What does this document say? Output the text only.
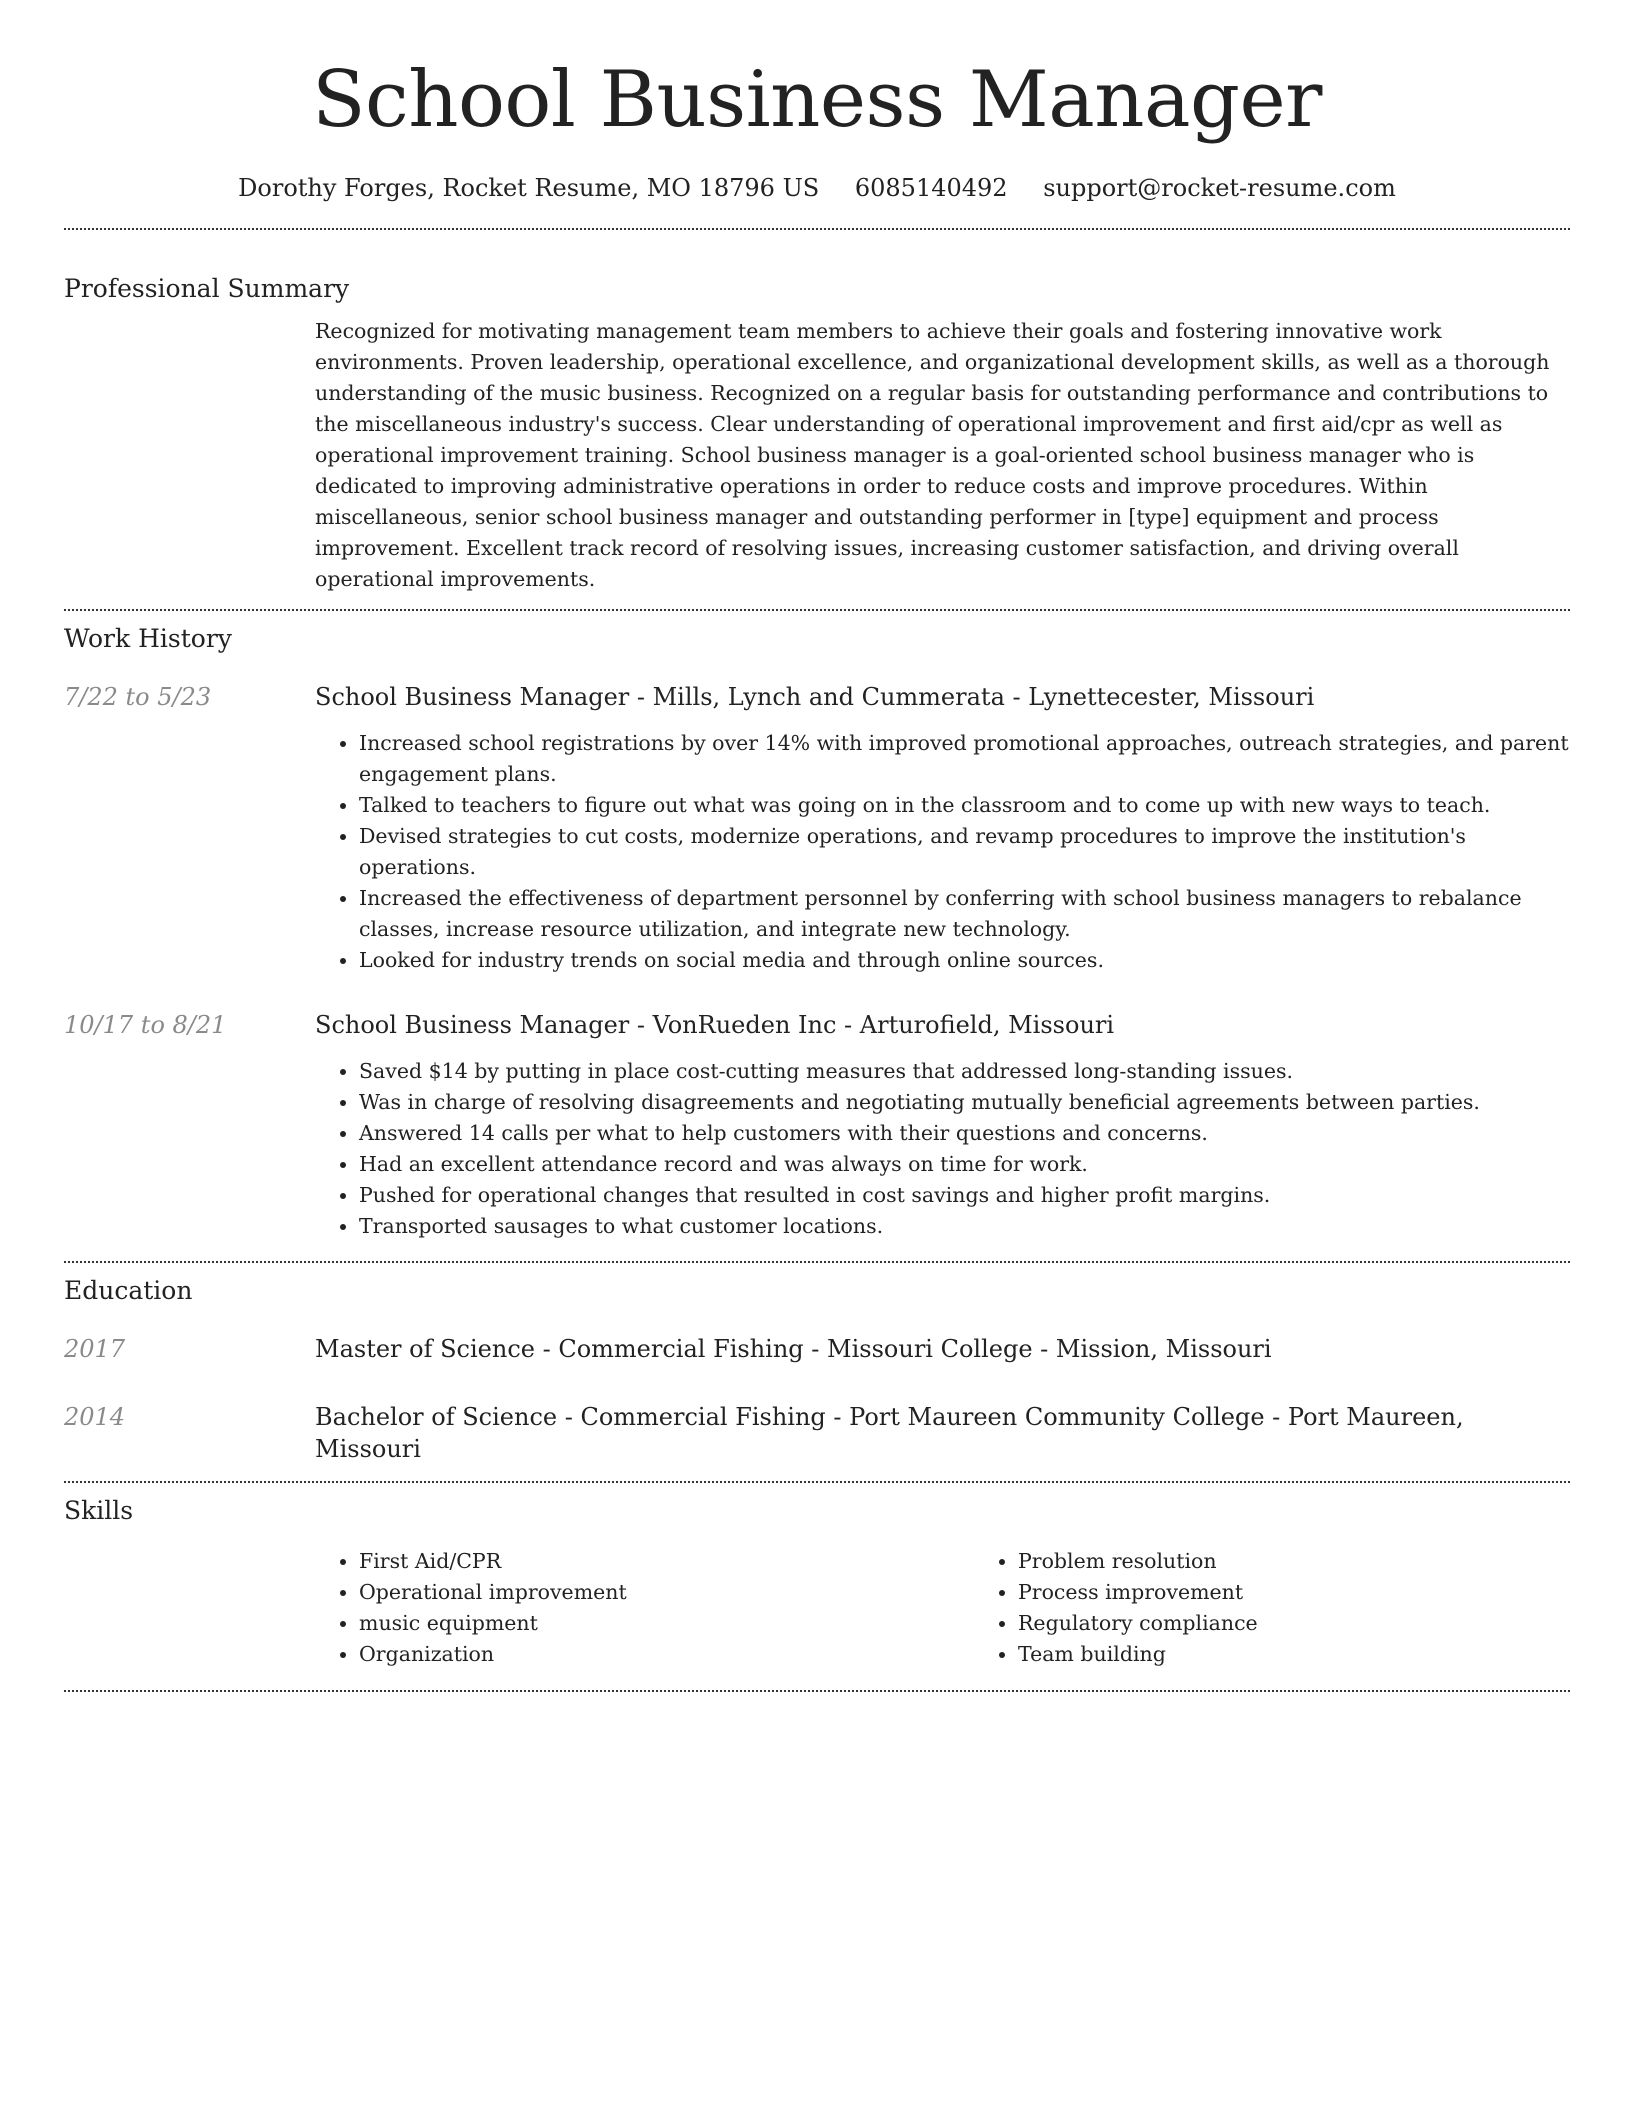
School Business Manager
Dorothy Forges, Rocket Resume, MO 18796 US 6085140492 support@rocket-resume.com
Professional Summary

Recognized for motivating management team members to achieve their goals and fostering innovative work environments. Proven leadership, operational excellence, and organizational development skills, as well as a thorough understanding of the music business. Recognized on a regular basis for outstanding performance and contributions to the miscellaneous industry's success. Clear understanding of operational improvement and first aid/cpr as well as operational improvement training. School business manager is a goal-oriented school business manager who is dedicated to improving administrative operations in order to reduce costs and improve procedures. Within miscellaneous, senior school business manager and outstanding performer in [type] equipment and process improvement. Excellent track record of resolving issues, increasing customer satisfaction, and driving overall operational improvements.

Work History
7/22 to 5/23	School Business Manager - Mills, Lynch and Cummerata - Lynettecester, Missouri
• Increased school registrations by over 14% with improved promotional approaches, outreach strategies, and parent engagement plans.
• Talked to teachers to figure out what was going on in the classroom and to come up with new ways to teach.
• Devised strategies to cut costs, modernize operations, and revamp procedures to improve the institution's operations.
• Increased the effectiveness of department personnel by conferring with school business managers to rebalance classes, increase resource utilization, and integrate new technology.
• Looked for industry trends on social media and through online sources.
10/17 to 8/21	School Business Manager - VonRueden Inc - Arturofield, Missouri
• Saved $14 by putting in place cost-cutting measures that addressed long-standing issues.
• Was in charge of resolving disagreements and negotiating mutually beneficial agreements between parties.
• Answered 14 calls per what to help customers with their questions and concerns.
• Had an excellent attendance record and was always on time for work.
• Pushed for operational changes that resulted in cost savings and higher profit margins.
• Transported sausages to what customer locations.
Education
2017	Master of Science - Commercial Fishing - Missouri College - Mission, Missouri
2014	Bachelor of Science - Commercial Fishing - Port Maureen Community College - Port Maureen, Missouri
Skills
• First Aid/CPR
• Operational improvement
• music equipment
• Organization
• Problem resolution
• Process improvement
• Regulatory compliance
• Team building
